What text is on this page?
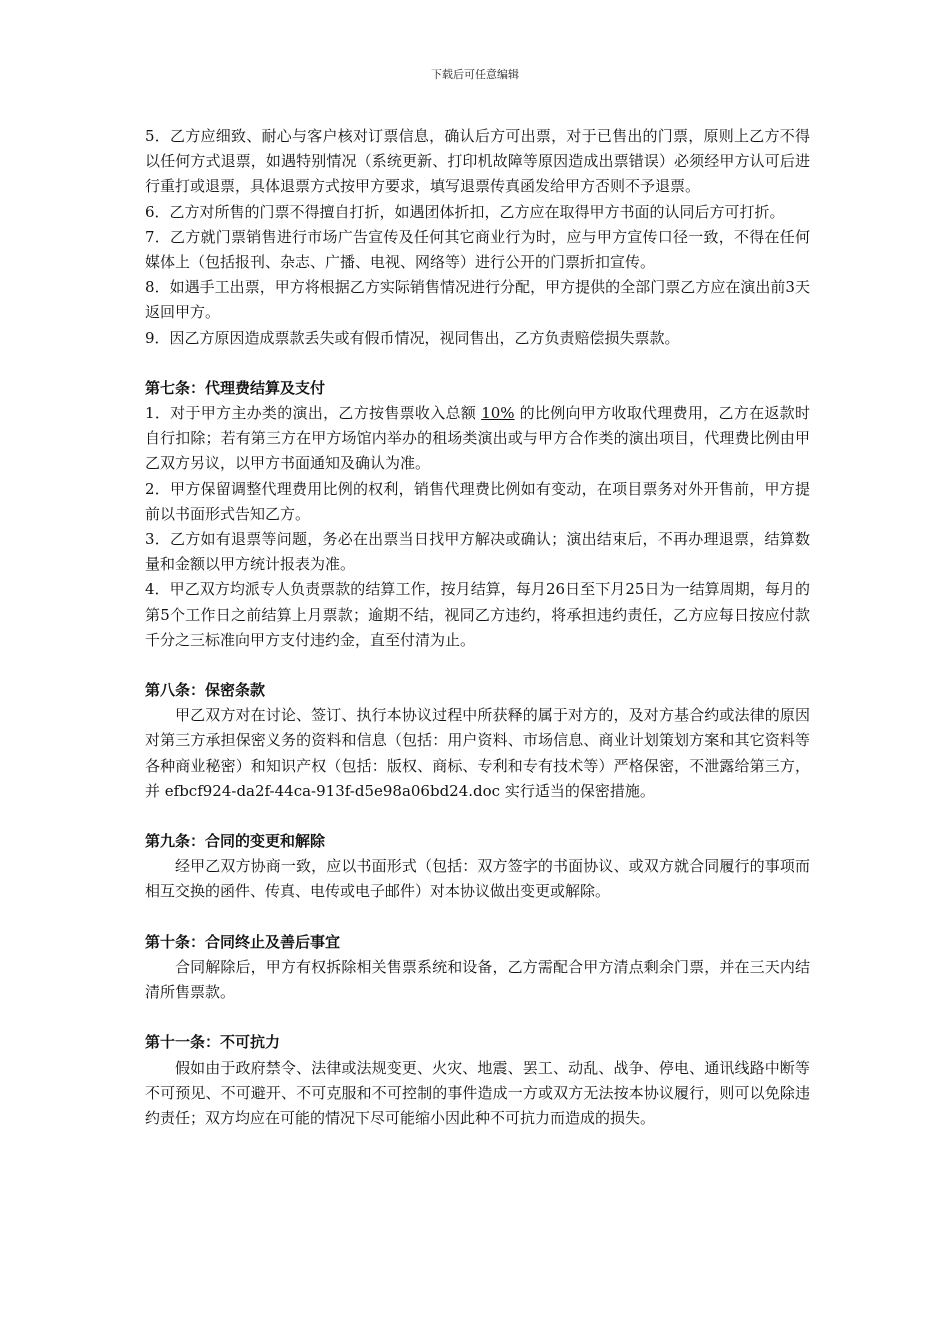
下载后可任意编辑

5．乙方应细致、耐心与客户核对订票信息，确认后方可出票，对于已售出的门票，原则上乙方不得以任何方式退票，如遇特别情况（系统更新、打印机故障等原因造成出票错误）必须经甲方认可后进行重打或退票，具体退票方式按甲方要求，填写退票传真函发给甲方否则不予退票。

6．乙方对所售的门票不得擅自打折，如遇团体折扣，乙方应在取得甲方书面的认同后方可打折。

7．乙方就门票销售进行市场广告宣传及任何其它商业行为时，应与甲方宣传口径一致，不得在任何媒体上（包括报刊、杂志、广播、电视、网络等）进行公开的门票折扣宣传。

8．如遇手工出票，甲方将根据乙方实际销售情况进行分配，甲方提供的全部门票乙方应在演出前3天返回甲方。

9．因乙方原因造成票款丢失或有假币情况，视同售出，乙方负责赔偿损失票款。

第七条：代理费结算及支付

1．对于甲方主办类的演出，乙方按售票收入总额 10% 的比例向甲方收取代理费用，乙方在返款时自行扣除；若有第三方在甲方场馆内举办的租场类演出或与甲方合作类的演出项目，代理费比例由甲乙双方另议，以甲方书面通知及确认为准。

2．甲方保留调整代理费用比例的权利，销售代理费比例如有变动，在项目票务对外开售前，甲方提前以书面形式告知乙方。

3．乙方如有退票等问题，务必在出票当日找甲方解决或确认；演出结束后，不再办理退票，结算数量和金额以甲方统计报表为准。

4．甲乙双方均派专人负责票款的结算工作，按月结算，每月26日至下月25日为一结算周期，每月的第5个工作日之前结算上月票款；逾期不结，视同乙方违约，将承担违约责任，乙方应每日按应付款千分之三标准向甲方支付违约金，直至付清为止。

第八条：保密条款

甲乙双方对在讨论、签订、执行本协议过程中所获释的属于对方的，及对方基合约或法律的原因对第三方承担保密义务的资料和信息（包括：用户资料、市场信息、商业计划策划方案和其它资料等各种商业秘密）和知识产权（包括：版权、商标、专利和专有技术等）严格保密，不泄露给第三方，并 efbcf924-da2f-44ca-913f-d5e98a06bd24.doc 实行适当的保密措施。

第九条：合同的变更和解除

经甲乙双方协商一致，应以书面形式（包括：双方签字的书面协议、或双方就合同履行的事项而相互交换的函件、传真、电传或电子邮件）对本协议做出变更或解除。

第十条：合同终止及善后事宜

合同解除后，甲方有权拆除相关售票系统和设备，乙方需配合甲方清点剩余门票，并在三天内结清所售票款。

第十一条：不可抗力

假如由于政府禁令、法律或法规变更、火灾、地震、罢工、动乱、战争、停电、通讯线路中断等不可预见、不可避开、不可克服和不可控制的事件造成一方或双方无法按本协议履行，则可以免除违约责任；双方均应在可能的情况下尽可能缩小因此种不可抗力而造成的损失。
